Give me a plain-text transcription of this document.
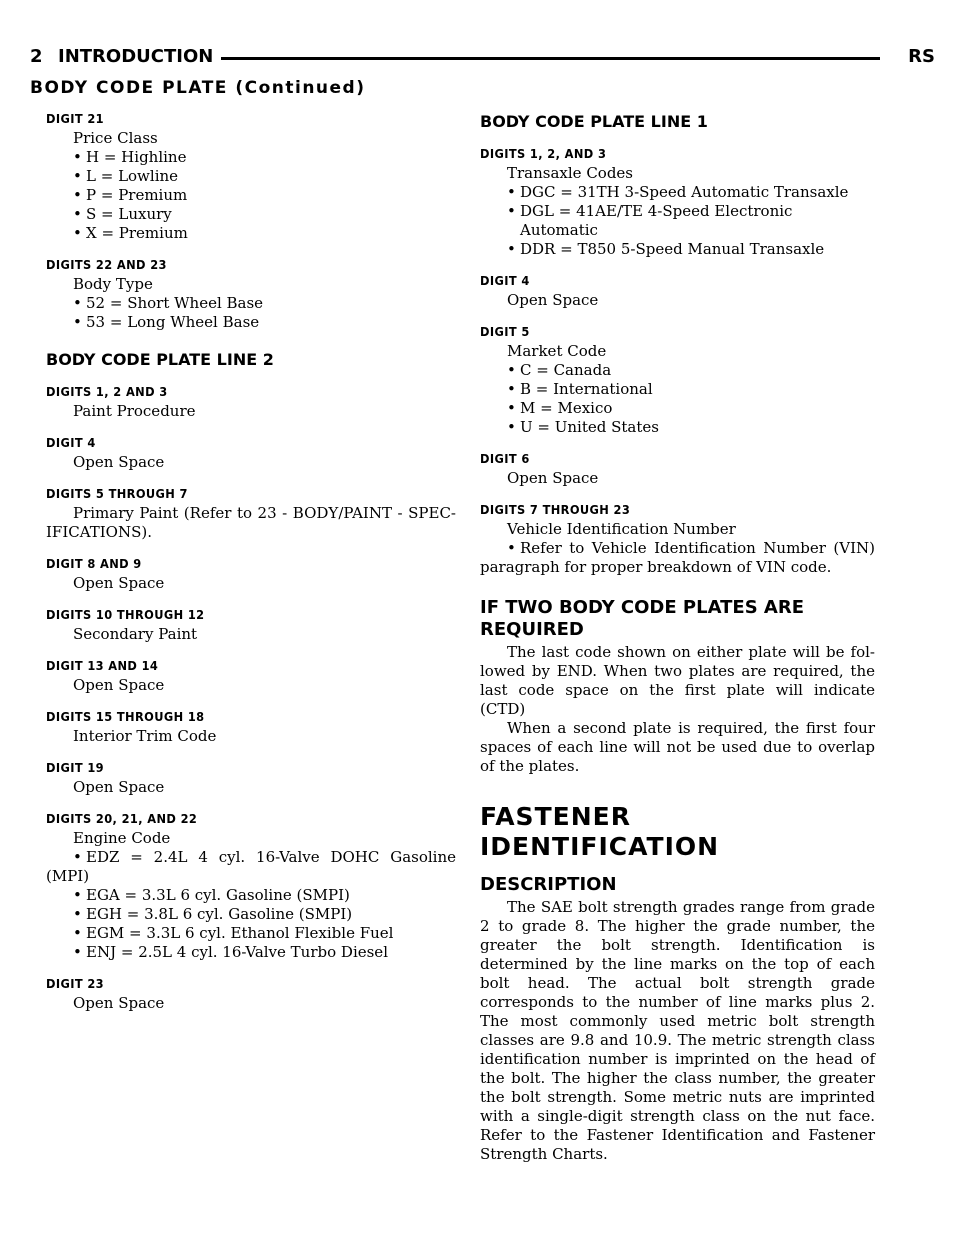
2 INTRODUCTION	RS
BODY CODE PLATE (Continued)
DIGIT 21
Price Class
• H = Highline
• L = Lowline
• P = Premium
• S = Luxury
• X = Premium
DIGITS 22 AND 23
Body Type
• 52 = Short Wheel Base
• 53 = Long Wheel Base
BODY CODE PLATE LINE 2
DIGITS 1, 2 AND 3
Paint Procedure
DIGIT 4
Open Space
DIGITS 5 THROUGH 7
Primary Paint (Refer to 23 - BODY/PAINT - SPEC-IFICATIONS).
DIGIT 8 AND 9
Open Space
DIGITS 10 THROUGH 12
Secondary Paint
DIGIT 13 AND 14
Open Space
DIGITS 15 THROUGH 18
Interior Trim Code
DIGIT 19
Open Space
DIGITS 20, 21, AND 22
Engine Code
• EDZ = 2.4L 4 cyl. 16-Valve DOHC Gasoline (MPI)
• EGA = 3.3L 6 cyl. Gasoline (SMPI)
• EGH = 3.8L 6 cyl. Gasoline (SMPI)
• EGM = 3.3L 6 cyl. Ethanol Flexible Fuel
• ENJ = 2.5L 4 cyl. 16-Valve Turbo Diesel
DIGIT 23
Open Space
BODY CODE PLATE LINE 1
DIGITS 1, 2, AND 3
Transaxle Codes
• DGC = 31TH 3-Speed Automatic Transaxle
• DGL = 41AE/TE 4-Speed Electronic Automatic
• DDR = T850 5-Speed Manual Transaxle
DIGIT 4
Open Space
DIGIT 5
Market Code
• C = Canada
• B = International
• M = Mexico
• U = United States
DIGIT 6
Open Space
DIGITS 7 THROUGH 23
Vehicle Identification Number
• Refer to Vehicle Identification Number (VIN) paragraph for proper breakdown of VIN code.
IF TWO BODY CODE PLATES ARE REQUIRED
The last code shown on either plate will be fol-lowed by END. When two plates are required, the last code space on the first plate will indicate (CTD)
When a second plate is required, the first four spaces of each line will not be used due to overlap of the plates.
FASTENER IDENTIFICATION
DESCRIPTION
The SAE bolt strength grades range from grade 2 to grade 8. The higher the grade number, the greater the bolt strength. Identification is determined by the line marks on the top of each bolt head. The actual bolt strength grade corresponds to the number of line marks plus 2. The most commonly used metric bolt strength classes are 9.8 and 10.9. The metric strength class identification number is imprinted on the head of the bolt. The higher the class number, the greater the bolt strength. Some metric nuts are imprinted with a single-digit strength class on the nut face. Refer to the Fastener Identification and Fastener Strength Charts.
